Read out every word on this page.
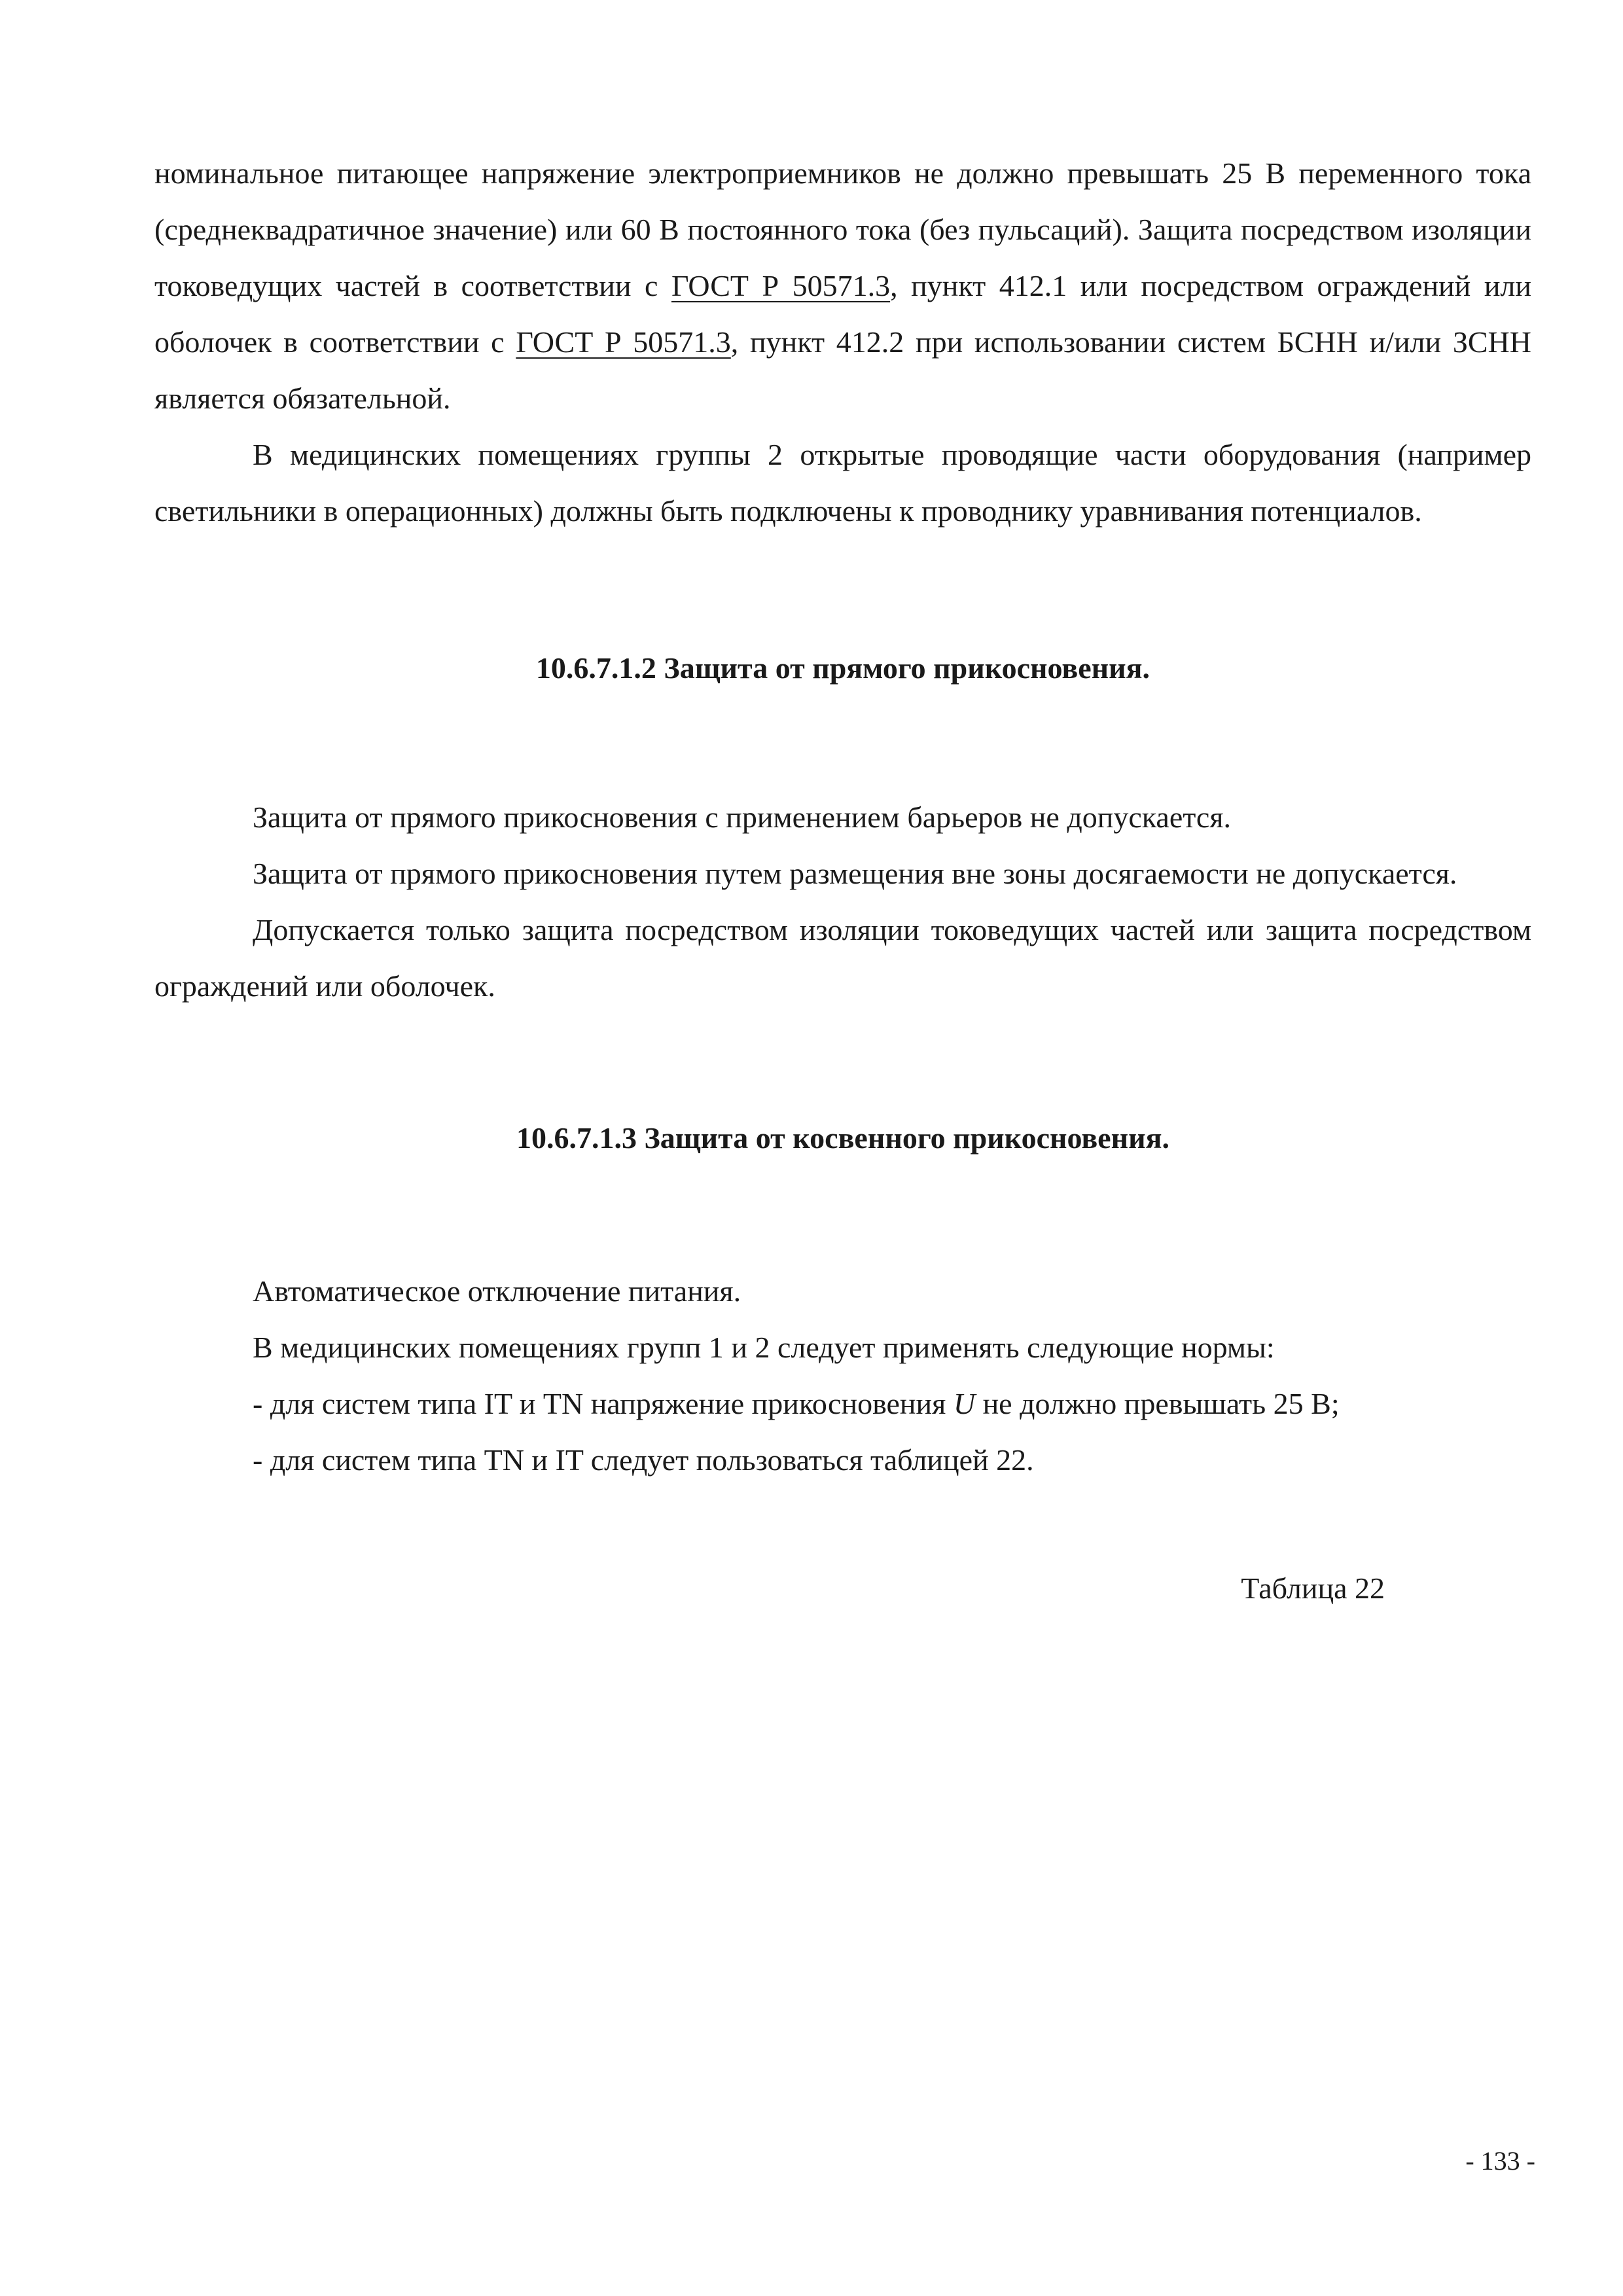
номинальное питающее напряжение электроприемников не должно превышать 25 В переменного тока (среднеквадратичное значение) или 60 В постоянного тока (без пульсаций). Защита посредством изоляции токоведущих частей в соответствии с ГОСТ Р 50571.3, пункт 412.1 или посредством ограждений или оболочек в соответствии с ГОСТ Р 50571.3, пункт 412.2 при использовании систем БСНН и/или ЗСНН является обязательной.

В медицинских помещениях группы 2 открытые проводящие части оборудования (например светильники в операционных) должны быть подключены к проводнику уравнивания потенциалов.

10.6.7.1.2 Защита от прямого прикосновения.

Защита от прямого прикосновения с применением барьеров не допускается.

Защита от прямого прикосновения путем размещения вне зоны досягаемости не допускается.

Допускается только защита посредством изоляции токоведущих частей или защита посредством ограждений или оболочек.

10.6.7.1.3 Защита от косвенного прикосновения.

Автоматическое отключение питания.

В медицинских помещениях групп 1 и 2 следует применять следующие нормы:

- для систем типа IT и TN напряжение прикосновения U не должно превышать 25 В;

- для систем типа TN и IT следует пользоваться таблицей 22.

Таблица 22
- 133 -
